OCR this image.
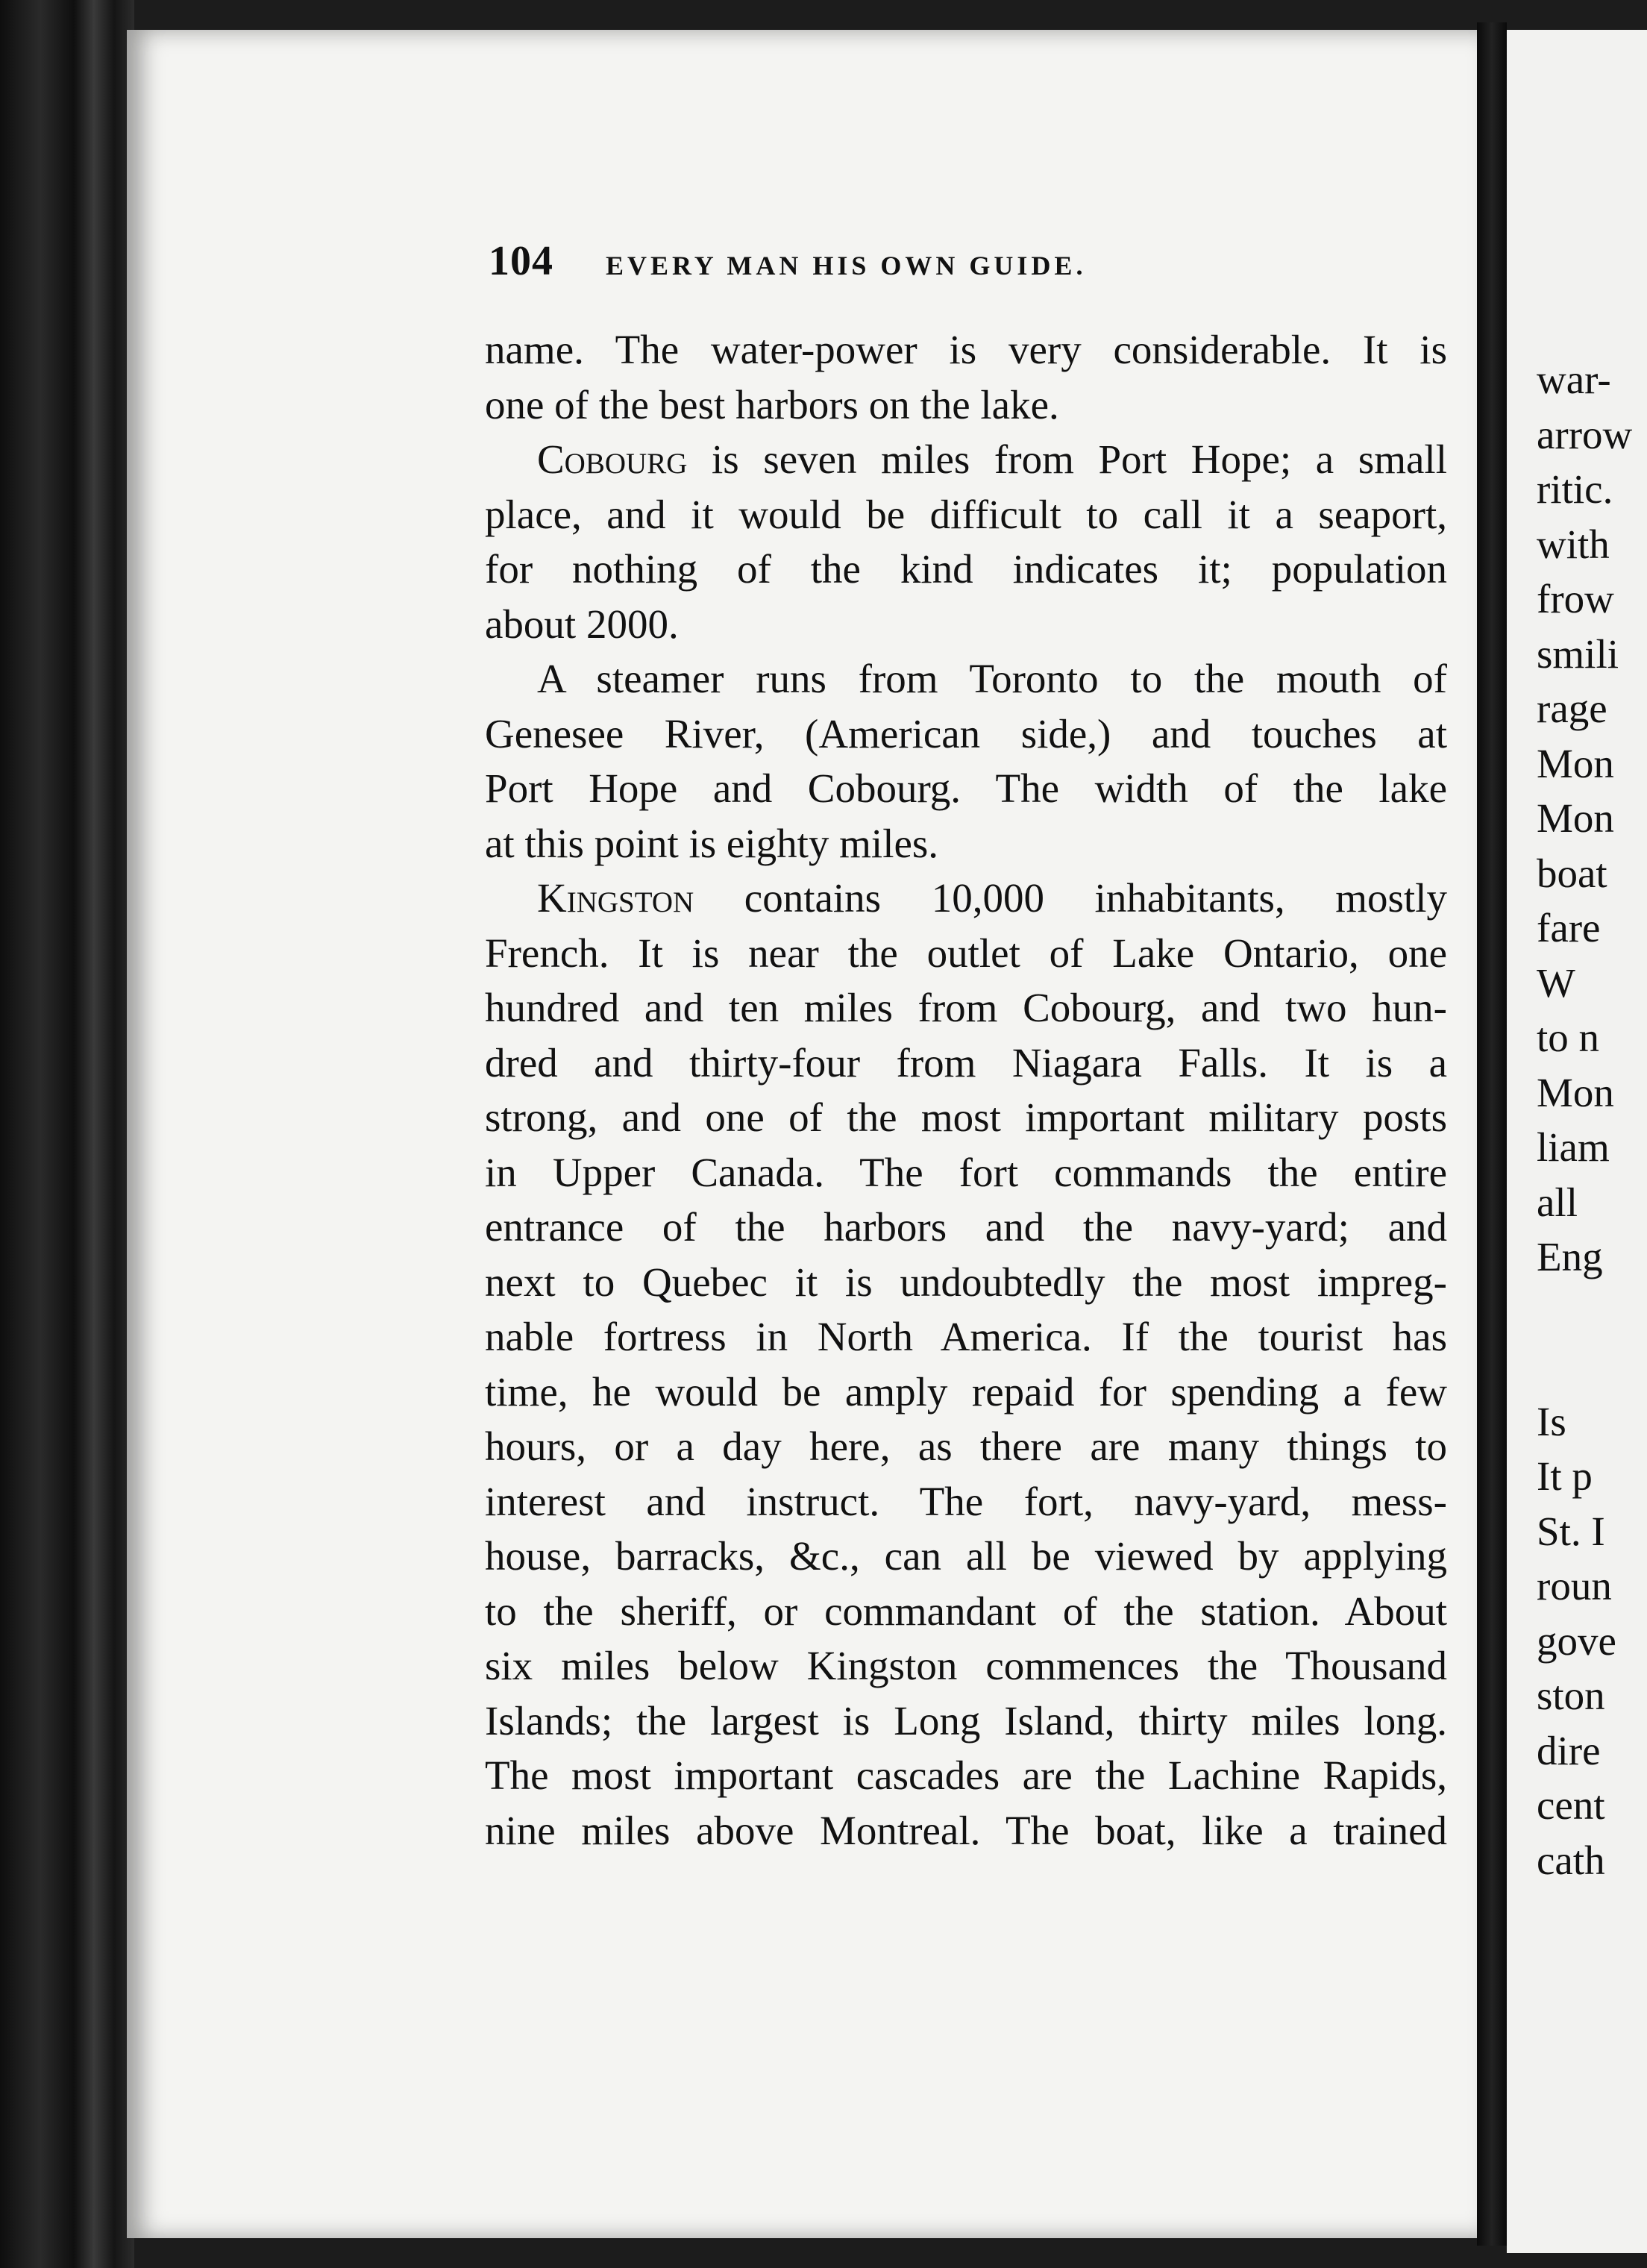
104 EVERY MAN HIS OWN GUIDE.
name. The water-power is very considerable. It is
one of the best harbors on the lake.
Cobourg is seven miles from Port Hope; a small
place, and it would be difficult to call it a seaport,
for nothing of the kind indicates it; population
about 2000.
A steamer runs from Toronto to the mouth of
Genesee River, (American side,) and touches at
Port Hope and Cobourg. The width of the lake
at this point is eighty miles.
Kingston contains 10,000 inhabitants, mostly
French. It is near the outlet of Lake Ontario, one
hundred and ten miles from Cobourg, and two hun-
dred and thirty-four from Niagara Falls. It is a
strong, and one of the most important military posts
in Upper Canada. The fort commands the entire
entrance of the harbors and the navy-yard; and
next to Quebec it is undoubtedly the most impreg-
nable fortress in North America. If the tourist has
time, he would be amply repaid for spending a few
hours, or a day here, as there are many things to
interest and instruct. The fort, navy-yard, mess-
house, barracks, &c., can all be viewed by applying
to the sheriff, or commandant of the station. About
six miles below Kingston commences the Thousand
Islands; the largest is Long Island, thirty miles long.
The most important cascades are the Lachine Rapids,
nine miles above Montreal. The boat, like a trained
war-
arrow
ritic.
with
frow
smili
rage
Mon
Mon
boat
fare
W
to n
Mon
liam
all
Eng
Is
It p
St. I
roun
gove
ston
dire
cent
cath
